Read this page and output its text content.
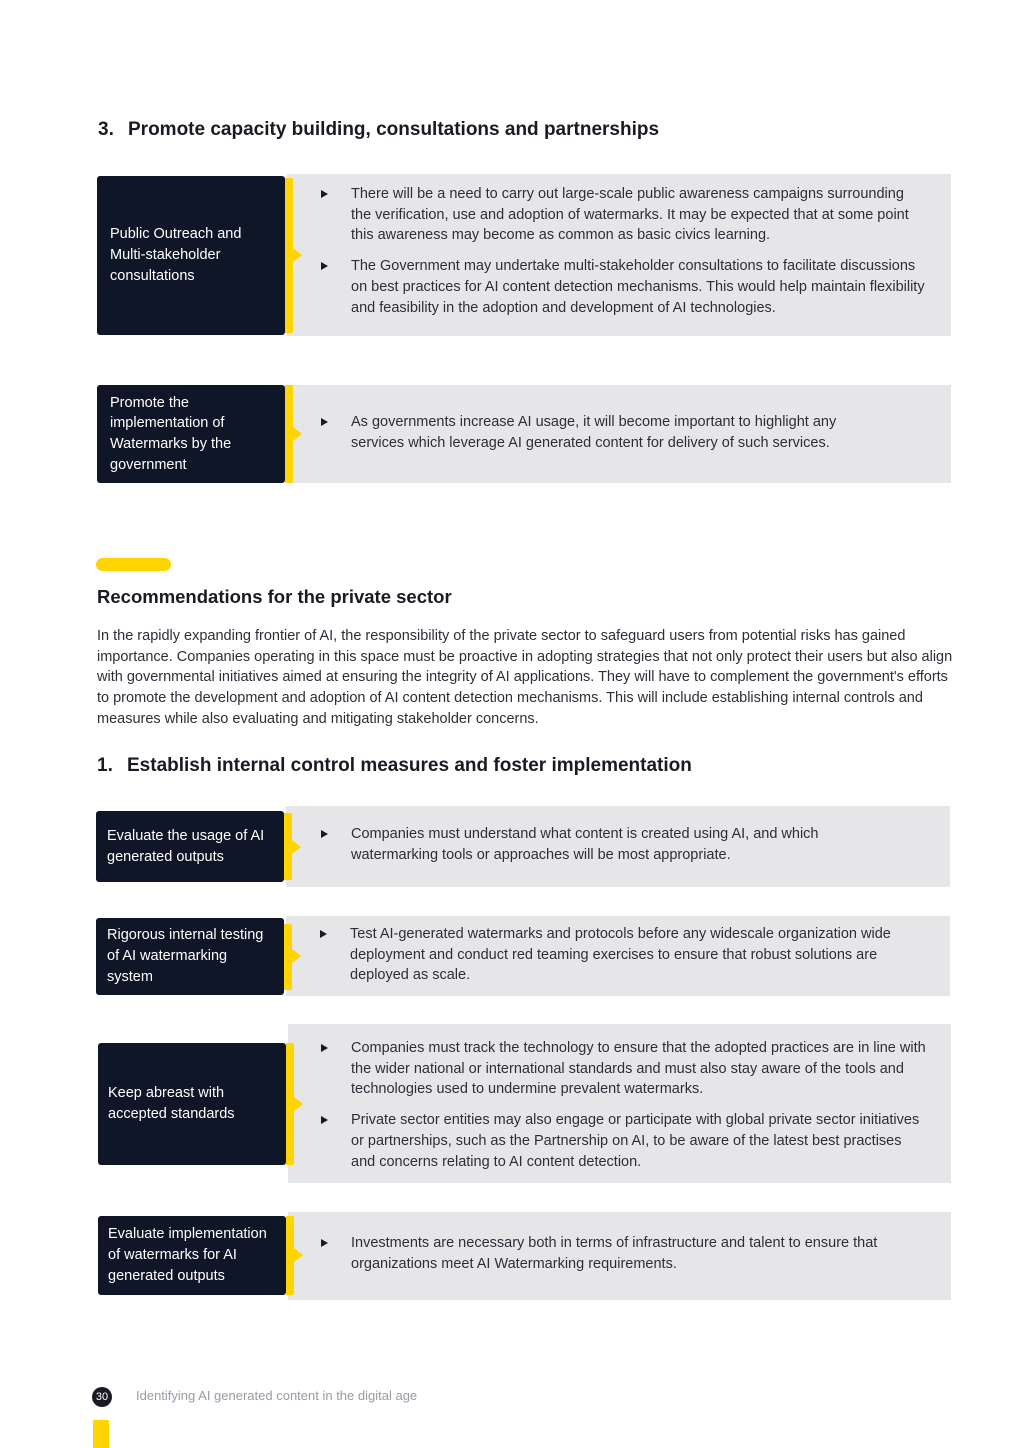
3. Promote capacity building, consultations and partnerships
Public Outreach and Multi-stakeholder consultations
There will be a need to carry out large-scale public awareness campaigns surrounding the verification, use and adoption of watermarks. It may be expected that at some point this awareness may become as common as basic civics learning.
The Government may undertake multi-stakeholder consultations to facilitate discussions on best practices for AI content detection mechanisms. This would help maintain flexibility and feasibility in the adoption and development of AI technologies.
Promote the implementation of Watermarks by the government
As governments increase AI usage, it will become important to highlight any services which leverage AI generated content for delivery of such services.
Recommendations for the private sector

In the rapidly expanding frontier of AI, the responsibility of the private sector to safeguard users from potential risks has gained importance. Companies operating in this space must be proactive in adopting strategies that not only protect their users but also align with governmental initiatives aimed at ensuring the integrity of AI applications. They will have to complement the government's efforts to promote the development and adoption of AI content detection mechanisms. This will include establishing internal controls and measures while also evaluating and mitigating stakeholder concerns.

1. Establish internal control measures and foster implementation
Evaluate the usage of AI generated outputs
Companies must understand what content is created using AI, and which watermarking tools or approaches will be most appropriate.
Rigorous internal testing of AI watermarking system
Test AI-generated watermarks and protocols before any widescale organization wide deployment and conduct red teaming exercises to ensure that robust solutions are deployed as scale.
Keep abreast with accepted standards
Companies must track the technology to ensure that the adopted practices are in line with the wider national or international standards and must also stay aware of the tools and technologies used to undermine prevalent watermarks.
Private sector entities may also engage or participate with global private sector initiatives or partnerships, such as the Partnership on AI, to be aware of the latest best practises and concerns relating to AI content detection.
Evaluate implementation of watermarks for AI generated outputs
Investments are necessary both in terms of infrastructure and talent to ensure that organizations meet AI Watermarking requirements.
30 Identifying AI generated content in the digital age
